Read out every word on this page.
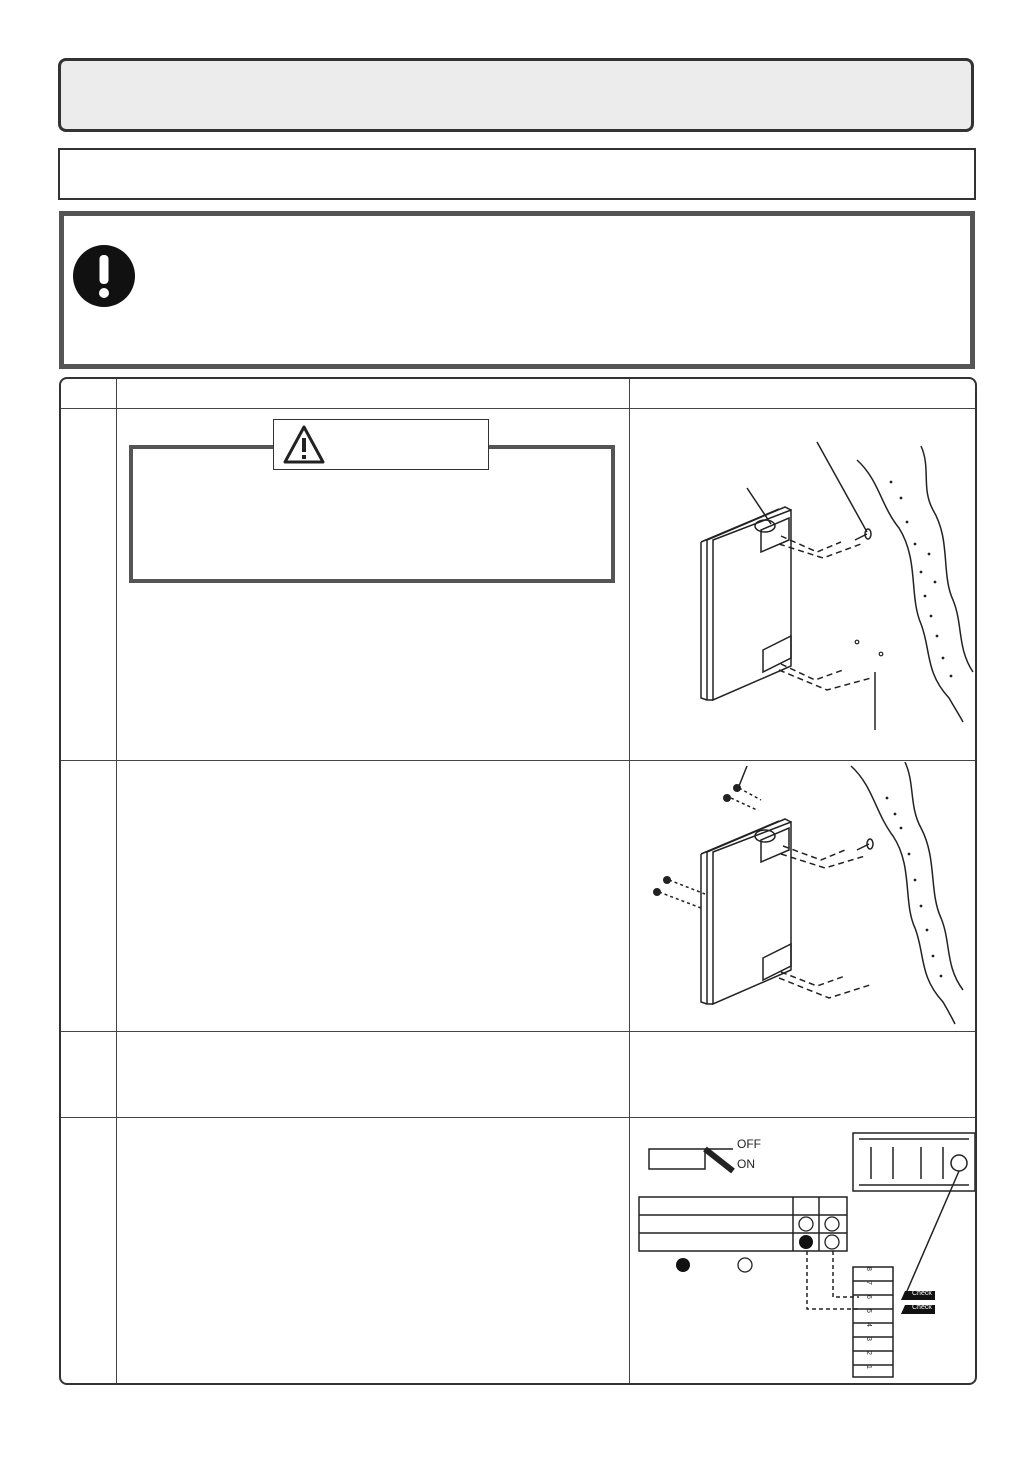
OFF
ON
Check
Check
8
7
6
5
4
3
2
1
